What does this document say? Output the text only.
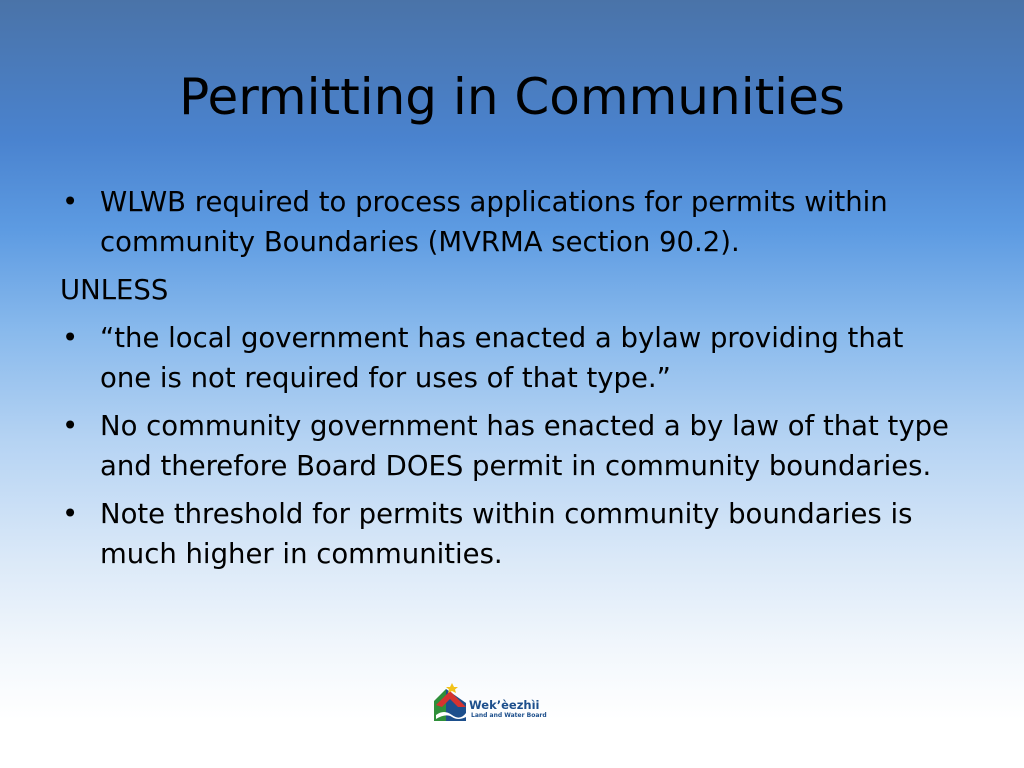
Permitting in Communities
• WLWB required to process applications for permits within community Boundaries (MVRMA section 90.2).
UNLESS
• “the local government has enacted a bylaw providing that one is not required for uses of that type.”
• No community government has enacted a by law of that type and therefore Board DOES permit in community boundaries.
• Note threshold for permits within community boundaries is much higher in communities.
Wek’èezhìi
Land and Water Board
